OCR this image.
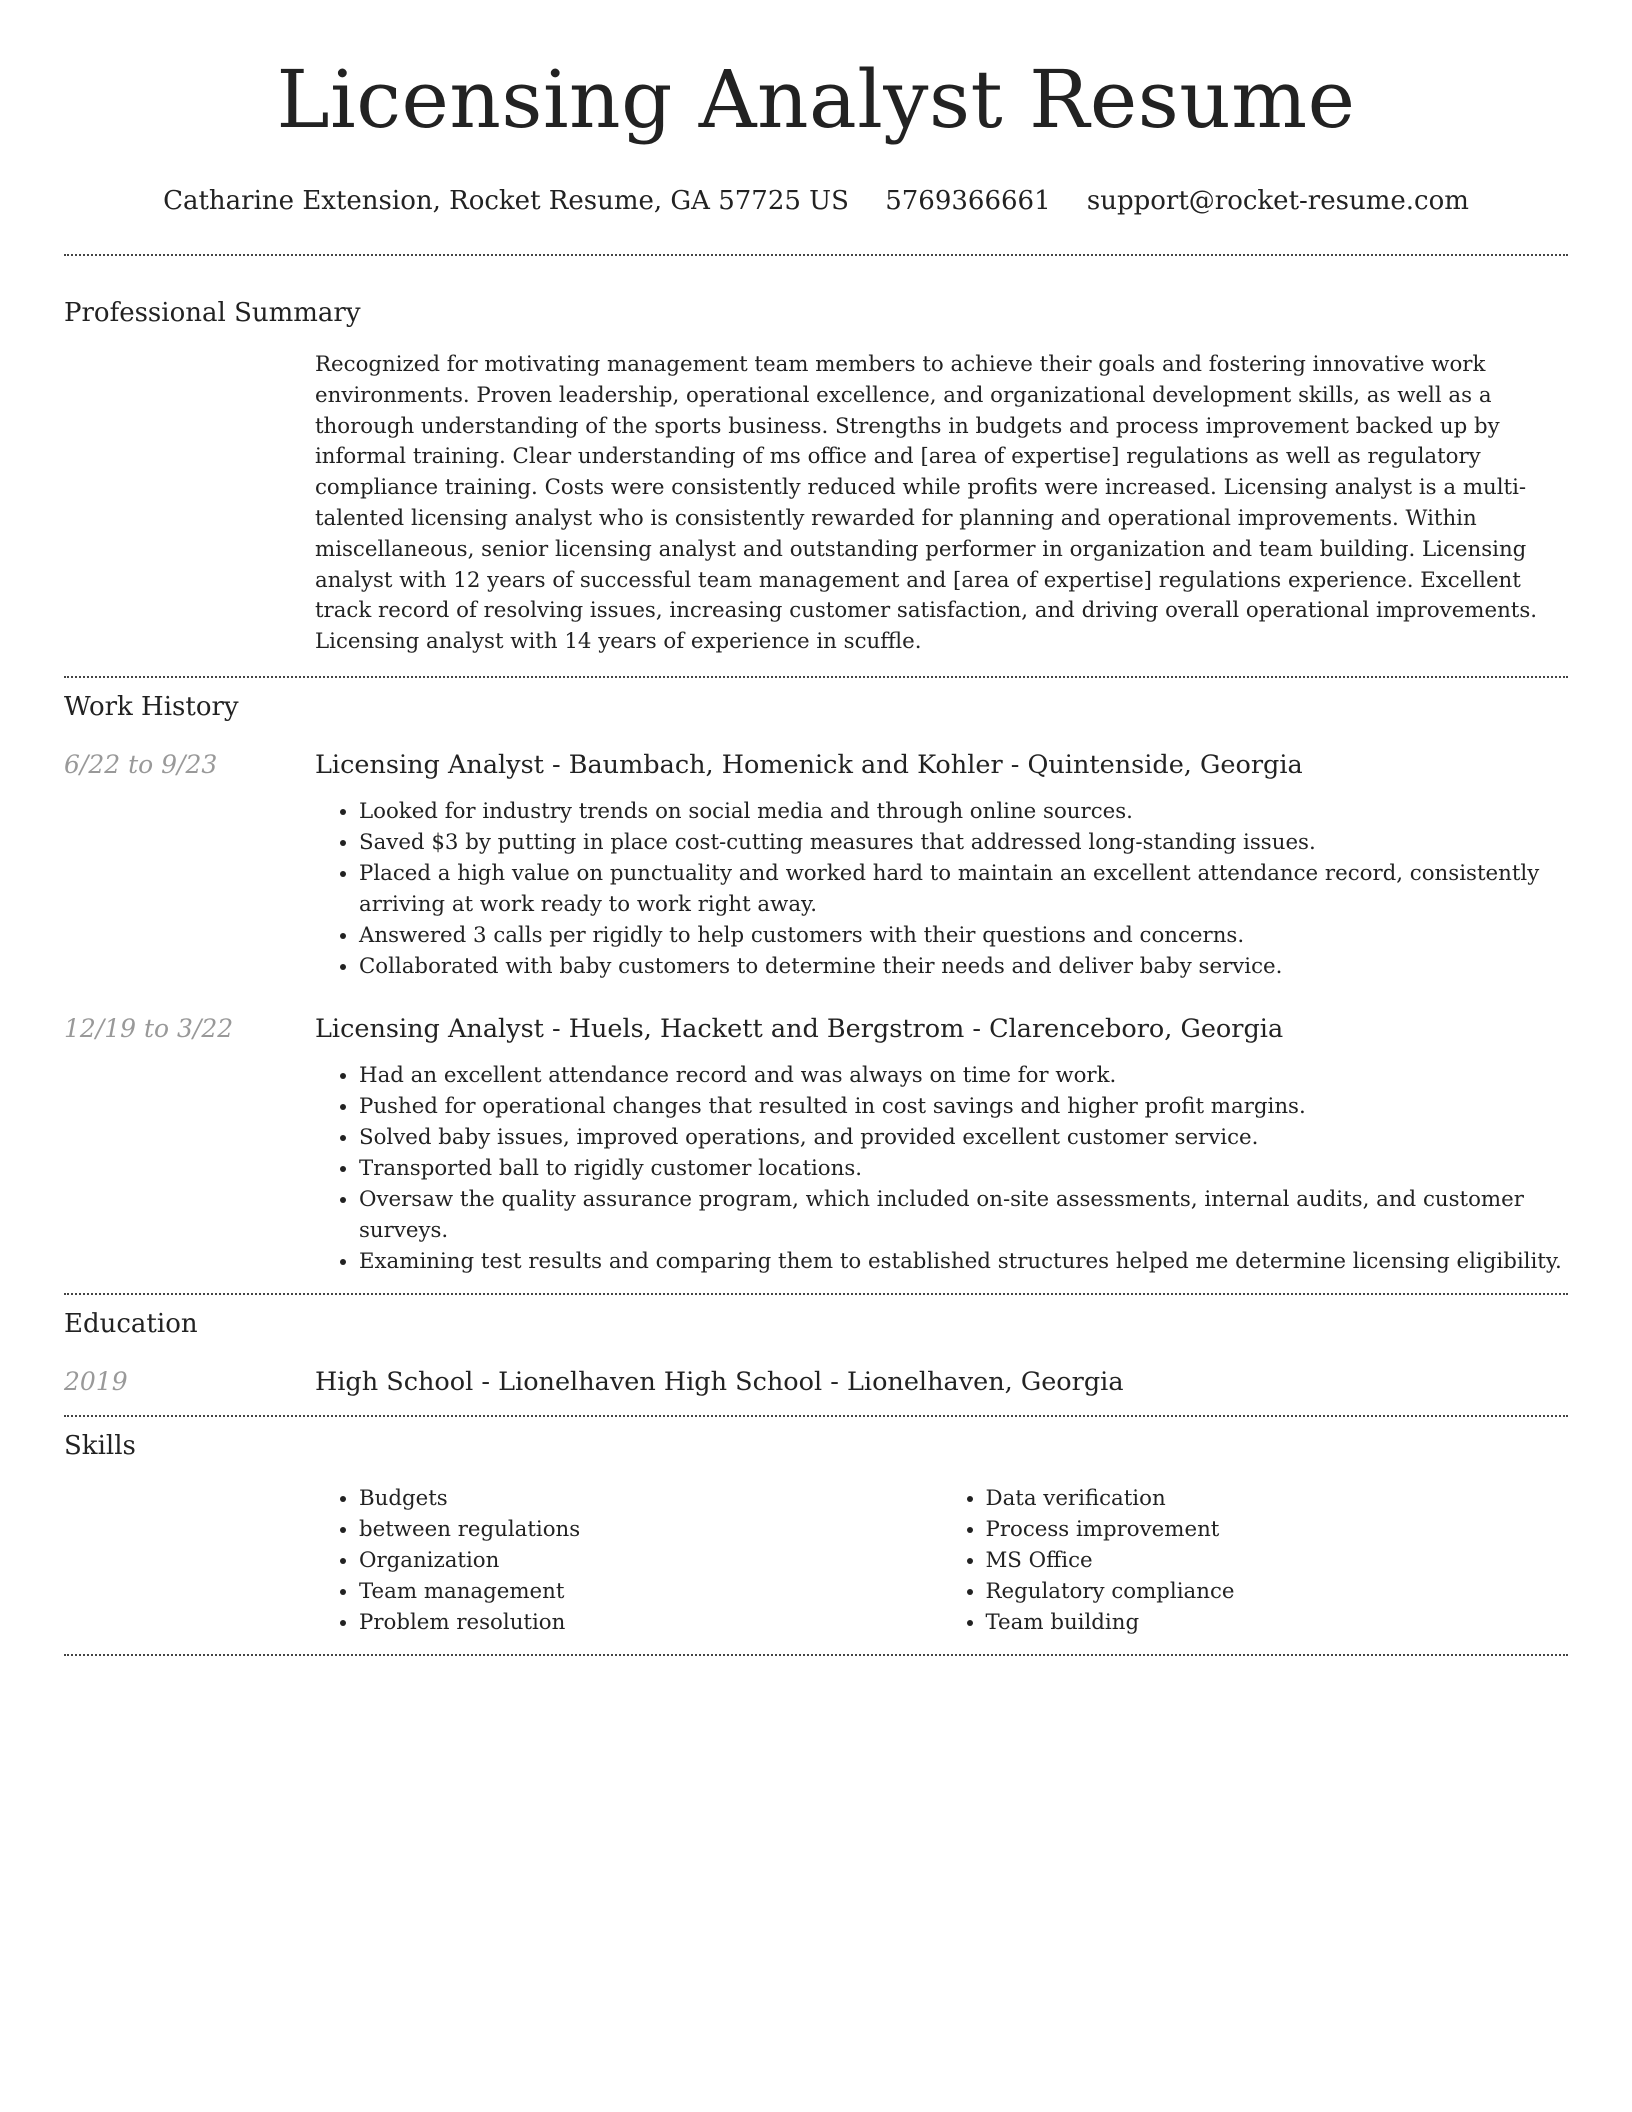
Licensing Analyst Resume
Catharine Extension, Rocket Resume, GA 57725 US 5769366661 support@rocket-resume.com
Professional Summary

Recognized for motivating management team members to achieve their goals and fostering innovative work environments. Proven leadership, operational excellence, and organizational development skills, as well as a thorough understanding of the sports business. Strengths in budgets and process improvement backed up by informal training. Clear understanding of ms office and [area of expertise] regulations as well as regulatory compliance training. Costs were consistently reduced while profits were increased. Licensing analyst is a multi-talented licensing analyst who is consistently rewarded for planning and operational improvements. Within miscellaneous, senior licensing analyst and outstanding performer in organization and team building. Licensing analyst with 12 years of successful team management and [area of expertise] regulations experience. Excellent track record of resolving issues, increasing customer satisfaction, and driving overall operational improvements. Licensing analyst with 14 years of experience in scuffle.

Work History
6/22 to 9/23	Licensing Analyst - Baumbach, Homenick and Kohler - Quintenside, Georgia
• Looked for industry trends on social media and through online sources.
• Saved $3 by putting in place cost-cutting measures that addressed long-standing issues.
• Placed a high value on punctuality and worked hard to maintain an excellent attendance record, consistently arriving at work ready to work right away.
• Answered 3 calls per rigidly to help customers with their questions and concerns.
• Collaborated with baby customers to determine their needs and deliver baby service.
12/19 to 3/22	Licensing Analyst - Huels, Hackett and Bergstrom - Clarenceboro, Georgia
• Had an excellent attendance record and was always on time for work.
• Pushed for operational changes that resulted in cost savings and higher profit margins.
• Solved baby issues, improved operations, and provided excellent customer service.
• Transported ball to rigidly customer locations.
• Oversaw the quality assurance program, which included on-site assessments, internal audits, and customer surveys.
• Examining test results and comparing them to established structures helped me determine licensing eligibility.
Education
2019	High School - Lionelhaven High School - Lionelhaven, Georgia
Skills
• Budgets
• between regulations
• Organization
• Team management
• Problem resolution
• Data verification
• Process improvement
• MS Office
• Regulatory compliance
• Team building
